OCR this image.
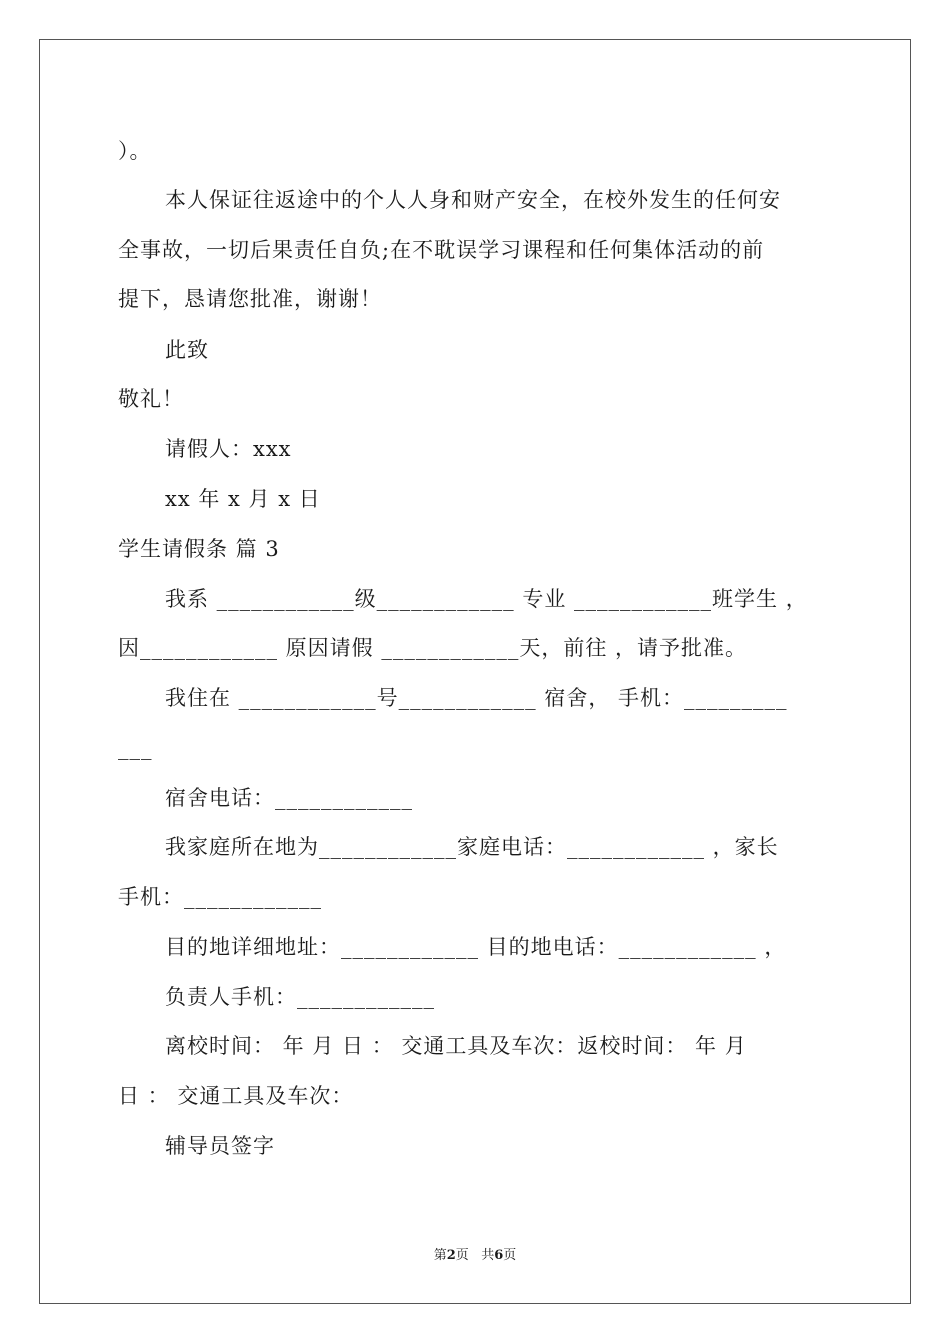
）。
本人保证往返途中的个人人身和财产安全，在校外发生的任何安
全事故，一切后果责任自负;在不耽误学习课程和任何集体活动的前
提下，恳请您批准，谢谢！
此致
敬礼！
请假人：xxx
xx 年 x 月 x 日
学生请假条 篇 3
我系 ____________级____________ 专业 ____________班学生 ，
因____________ 原因请假 ____________天，前往 ，请予批准。
我住在 ____________号____________ 宿舍， 手机：_________
___
宿舍电话：____________
我家庭所在地为____________家庭电话：____________ ，家长
手机：____________
目的地详细地址：____________ 目的地电话：____________ ，
负责人手机：____________
离校时间： 年 月 日 ： 交通工具及车次：返校时间： 年 月
日 ： 交通工具及车次：
辅导员签字
第2页 共6页
